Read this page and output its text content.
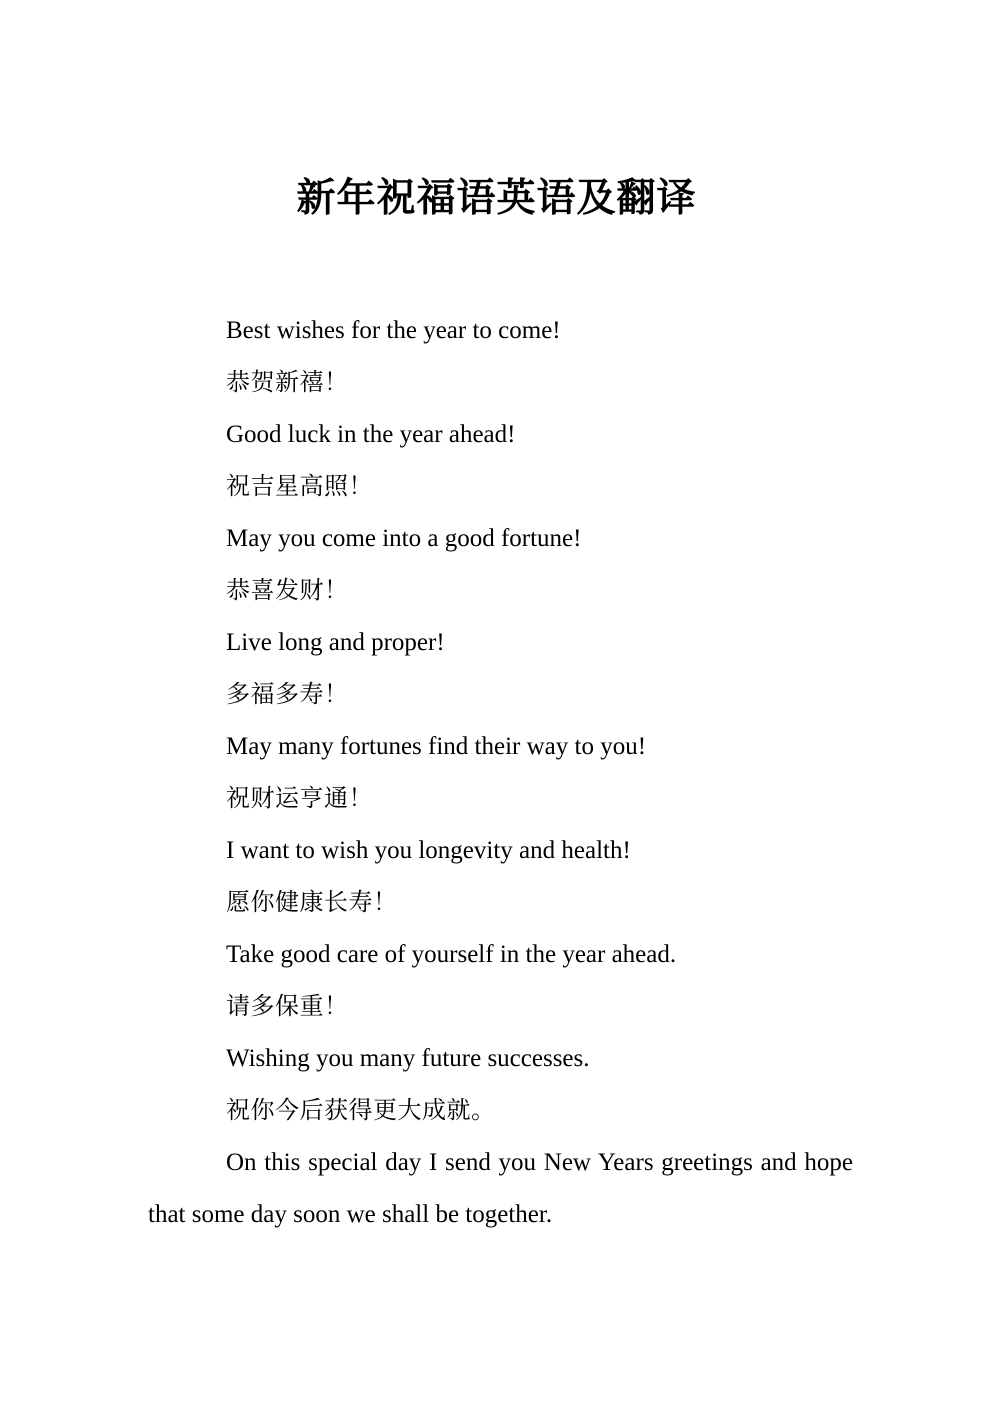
新年祝福语英语及翻译

Best wishes for the year to come!

恭贺新禧！

Good luck in the year ahead!

祝吉星高照！

May you come into a good fortune!

恭喜发财！

Live long and proper!

多福多寿！

May many fortunes find their way to you!

祝财运亨通！

I want to wish you longevity and health!

愿你健康长寿！

Take good care of yourself in the year ahead.

请多保重！

Wishing you many future successes.

祝你今后获得更大成就。

On this special day I send you New Years greetings and hope that some day soon we shall be together.
